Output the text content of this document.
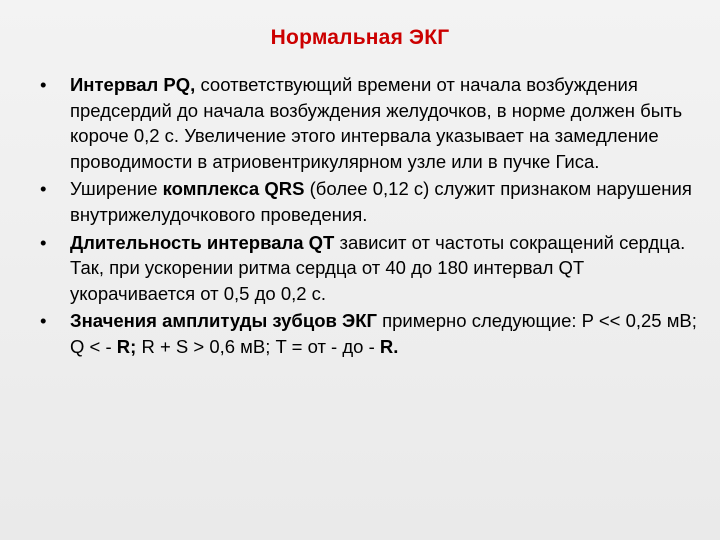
Нормальная ЭКГ
• Интервал PQ, соответствующий времени от начала возбуждения предсердий до начала возбуждения желудочков, в норме должен быть короче 0,2 с. Увеличение этого интервала указывает на замедление проводимости в атриовентрикулярном узле или в пучке Гиса.
• Уширение комплекса QRS (более 0,12 с) служит признаком нарушения внутрижелудочкового проведения.
• Длительность интервала QT зависит от частоты сокращений сердца. Так, при ускорении ритма сердца от 40 до 180 интервал QT укорачивается от 0,5 до 0,2 с.
• Значения амплитуды зубцов ЭКГ примерно следующие: P << 0,25 мВ; Q < - R; R + S > 0,6 мВ; T = от - до - R.
